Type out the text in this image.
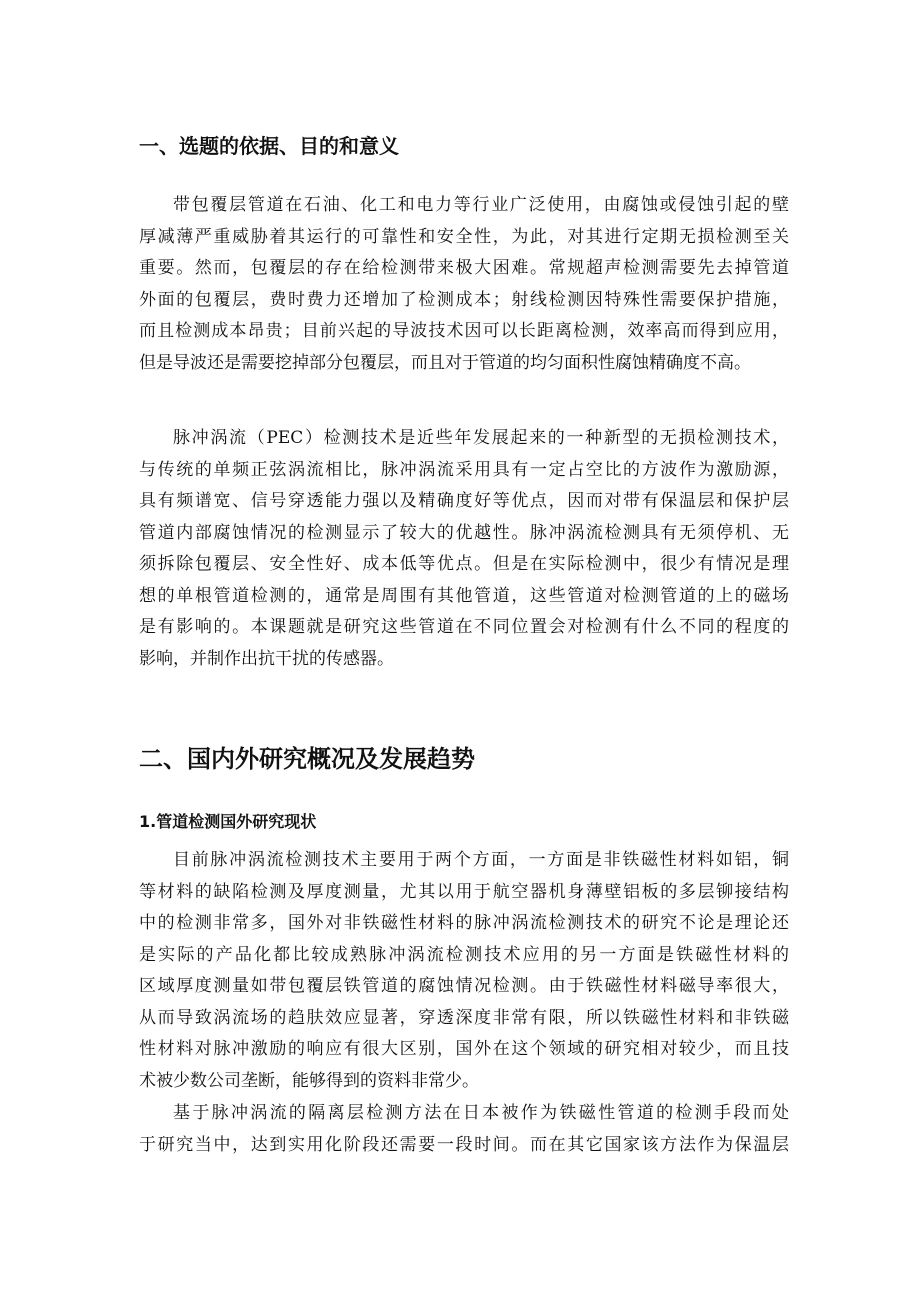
一、选题的依据、目的和意义
带包覆层管道在石油、化工和电力等行业广泛使用，由腐蚀或侵蚀引起的壁
厚减薄严重威胁着其运行的可靠性和安全性，为此，对其进行定期无损检测至关
重要。然而，包覆层的存在给检测带来极大困难。常规超声检测需要先去掉管道
外面的包覆层，费时费力还增加了检测成本；射线检测因特殊性需要保护措施，
而且检测成本昂贵；目前兴起的导波技术因可以长距离检测，效率高而得到应用，
但是导波还是需要挖掉部分包覆层，而且对于管道的均匀面积性腐蚀精确度不高。
脉冲涡流（PEC）检测技术是近些年发展起来的一种新型的无损检测技术，
与传统的单频正弦涡流相比，脉冲涡流采用具有一定占空比的方波作为激励源，
具有频谱宽、信号穿透能力强以及精确度好等优点，因而对带有保温层和保护层
管道内部腐蚀情况的检测显示了较大的优越性。脉冲涡流检测具有无须停机、无
须拆除包覆层、安全性好、成本低等优点。但是在实际检测中，很少有情况是理
想的单根管道检测的，通常是周围有其他管道，这些管道对检测管道的上的磁场
是有影响的。本课题就是研究这些管道在不同位置会对检测有什么不同的程度的
影响，并制作出抗干扰的传感器。
二、国内外研究概况及发展趋势
1.管道检测国外研究现状
目前脉冲涡流检测技术主要用于两个方面，一方面是非铁磁性材料如铝，铜
等材料的缺陷检测及厚度测量，尤其以用于航空器机身薄壁铝板的多层铆接结构
中的检测非常多，国外对非铁磁性材料的脉冲涡流检测技术的研究不论是理论还
是实际的产品化都比较成熟脉冲涡流检测技术应用的另一方面是铁磁性材料的
区域厚度测量如带包覆层铁管道的腐蚀情况检测。由于铁磁性材料磁导率很大，
从而导致涡流场的趋肤效应显著，穿透深度非常有限，所以铁磁性材料和非铁磁
性材料对脉冲激励的响应有很大区别，国外在这个领域的研究相对较少，而且技
术被少数公司垄断，能够得到的资料非常少。
基于脉冲涡流的隔离层检测方法在日本被作为铁磁性管道的检测手段而处
于研究当中，达到实用化阶段还需要一段时间。而在其它国家该方法作为保温层
